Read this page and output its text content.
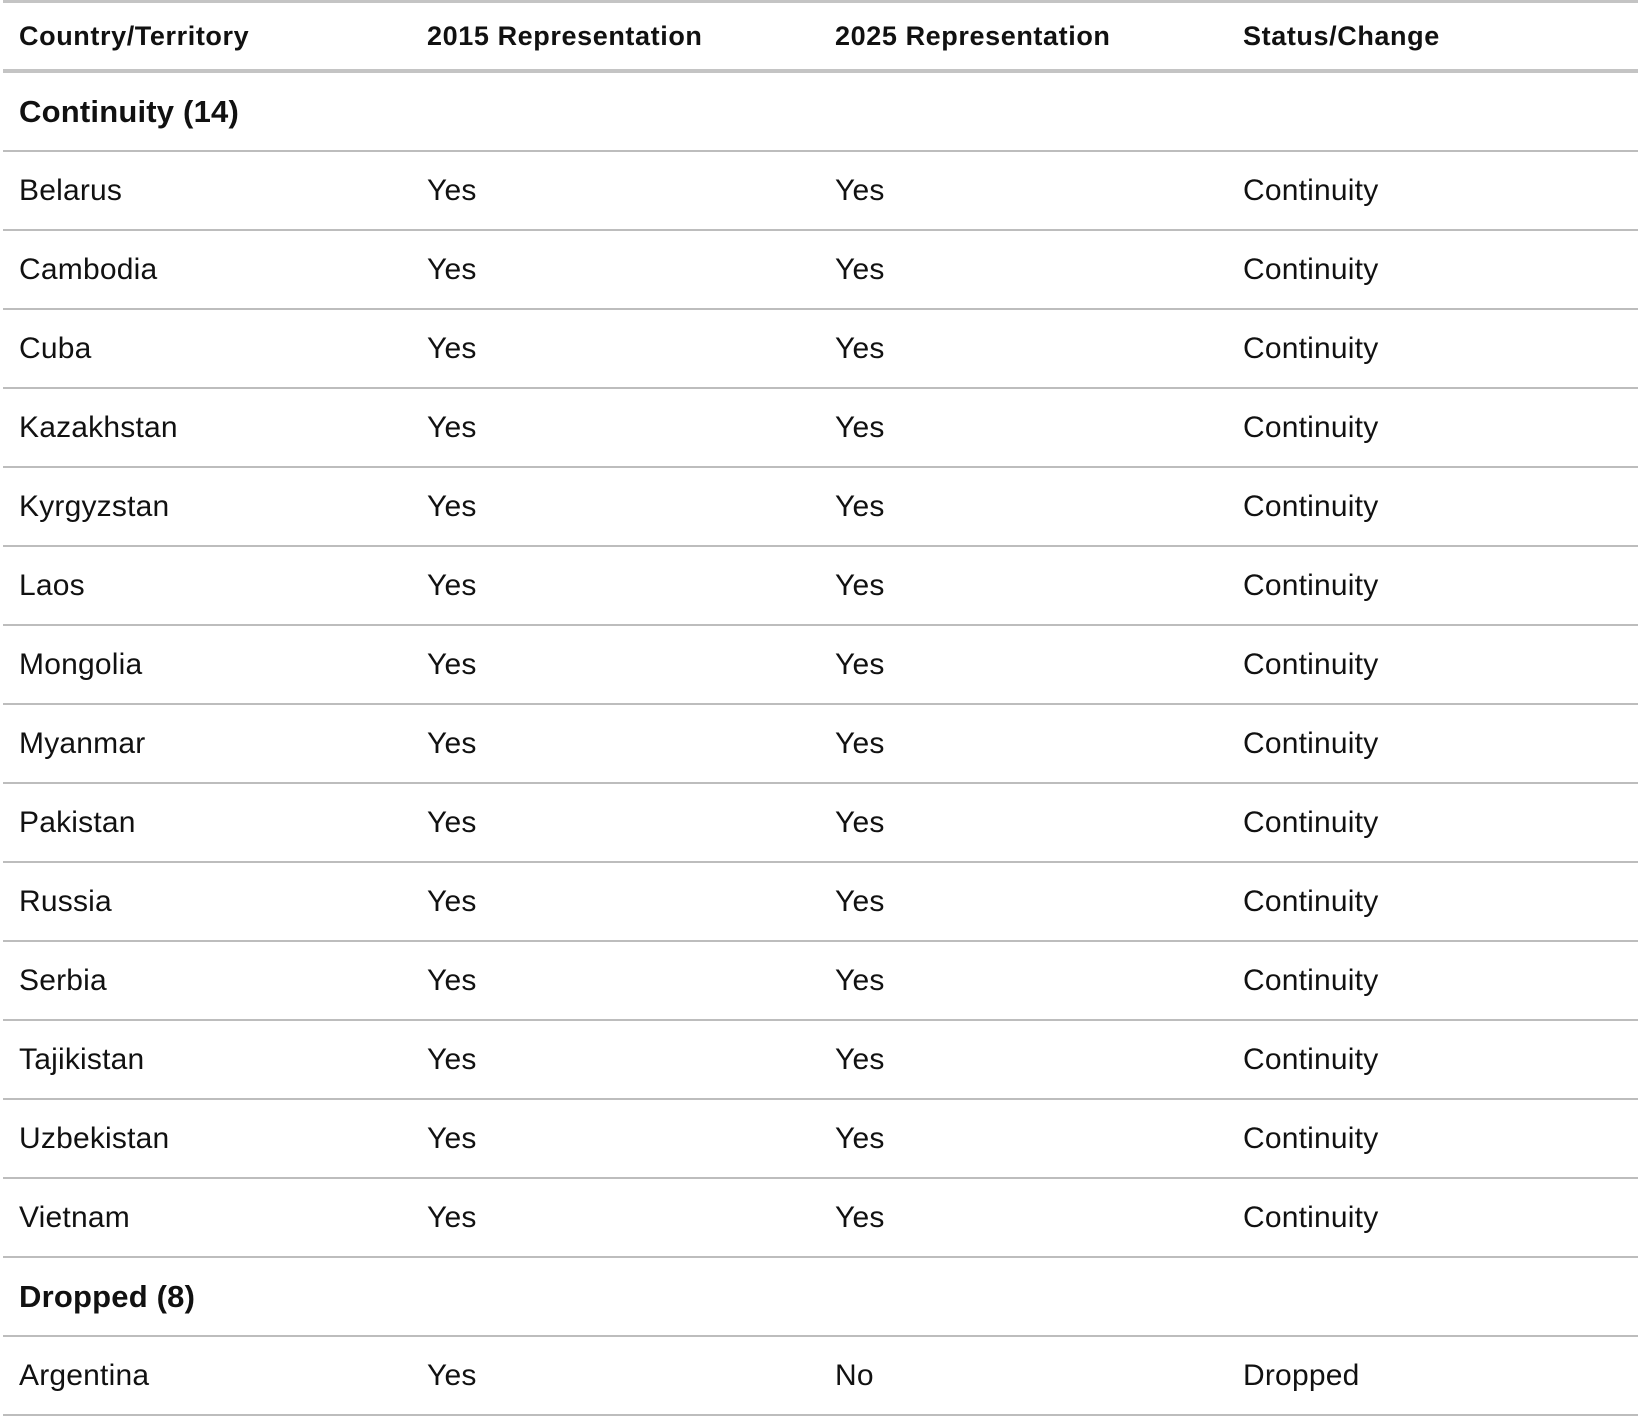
Country/Territory	2015 Representation	2025 Representation	Status/Change
Continuity (14)
Belarus	Yes	Yes	Continuity
Cambodia	Yes	Yes	Continuity
Cuba	Yes	Yes	Continuity
Kazakhstan	Yes	Yes	Continuity
Kyrgyzstan	Yes	Yes	Continuity
Laos	Yes	Yes	Continuity
Mongolia	Yes	Yes	Continuity
Myanmar	Yes	Yes	Continuity
Pakistan	Yes	Yes	Continuity
Russia	Yes	Yes	Continuity
Serbia	Yes	Yes	Continuity
Tajikistan	Yes	Yes	Continuity
Uzbekistan	Yes	Yes	Continuity
Vietnam	Yes	Yes	Continuity
Dropped (8)
Argentina	Yes	No	Dropped
